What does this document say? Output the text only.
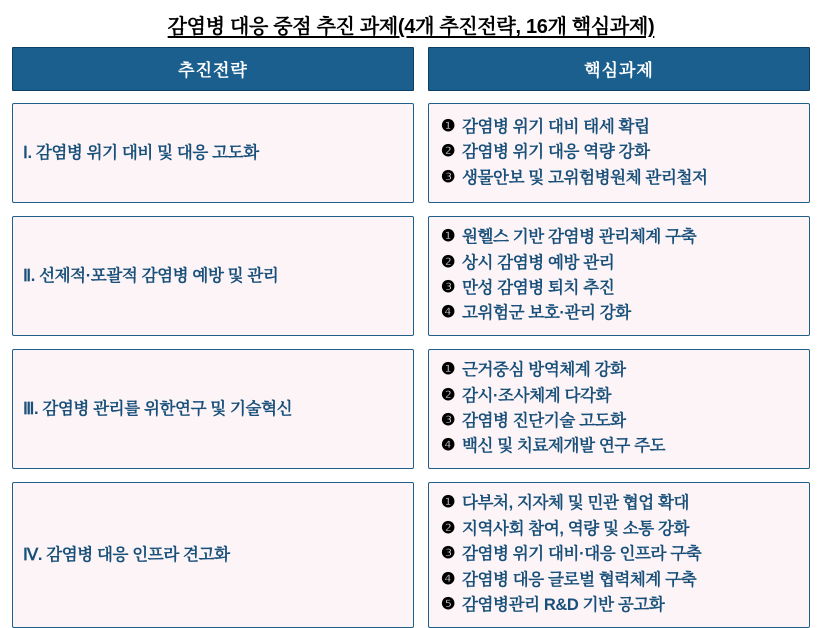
감염병 대응 중점 추진 과제(4개 추진전략, 16개 핵심과제)
추진전략	핵심과제
Ⅰ. 감염병 위기 대비 및 대응 고도화
❶ 감염병 위기 대비 태세 확립
❷ 감염병 위기 대응 역량 강화
❸ 생물안보 및 고위험병원체 관리철저
Ⅱ. 선제적·포괄적 감염병 예방 및 관리
❶ 원헬스 기반 감염병 관리체계 구축
❷ 상시 감염병 예방 관리
❸ 만성 감염병 퇴치 추진
❹ 고위험군 보호·관리 강화
Ⅲ. 감염병 관리를 위한연구 및 기술혁신
❶ 근거중심 방역체계 강화
❷ 감시·조사체계 다각화
❸ 감염병 진단기술 고도화
❹ 백신 및 치료제개발 연구 주도
Ⅳ. 감염병 대응 인프라 견고화
❶ 다부처, 지자체 및 민관 협업 확대
❷ 지역사회 참여, 역량 및 소통 강화
❸ 감염병 위기 대비·대응 인프라 구축
❹ 감염병 대응 글로벌 협력체계 구축
❺ 감염병관리 R&D 기반 공고화
